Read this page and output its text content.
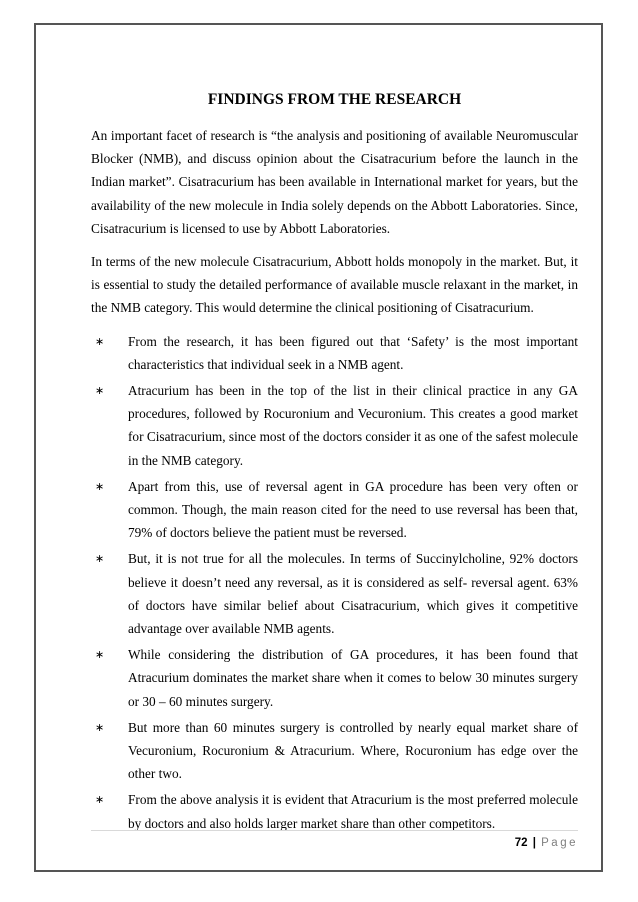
FINDINGS FROM THE RESEARCH

An important facet of research is “the analysis and positioning of available Neuromuscular Blocker (NMB), and discuss opinion about the Cisatracurium before the launch in the Indian market”. Cisatracurium has been available in International market for years, but the availability of the new molecule in India solely depends on the Abbott Laboratories. Since, Cisatracurium is licensed to use by Abbott Laboratories.

In terms of the new molecule Cisatracurium, Abbott holds monopoly in the market. But, it is essential to study the detailed performance of available muscle relaxant in the market, in the NMB category. This would determine the clinical positioning of Cisatracurium.

∗ From the research, it has been figured out that ‘Safety’ is the most important characteristics that individual seek in a NMB agent.
∗ Atracurium has been in the top of the list in their clinical practice in any GA procedures, followed by Rocuronium and Vecuronium. This creates a good market for Cisatracurium, since most of the doctors consider it as one of the safest molecule in the NMB category.
∗ Apart from this, use of reversal agent in GA procedure has been very often or common. Though, the main reason cited for the need to use reversal has been that, 79% of doctors believe the patient must be reversed.
∗ But, it is not true for all the molecules. In terms of Succinylcholine, 92% doctors believe it doesn’t need any reversal, as it is considered as self- reversal agent. 63% of doctors have similar belief about Cisatracurium, which gives it competitive advantage over available NMB agents.
∗ While considering the distribution of GA procedures, it has been found that Atracurium dominates the market share when it comes to below 30 minutes surgery or 30 – 60 minutes surgery.
∗ But more than 60 minutes surgery is controlled by nearly equal market share of Vecuronium, Rocuronium & Atracurium. Where, Rocuronium has edge over the other two.
∗ From the above analysis it is evident that Atracurium is the most preferred molecule by doctors and also holds larger market share than other competitors.
72 | Page
